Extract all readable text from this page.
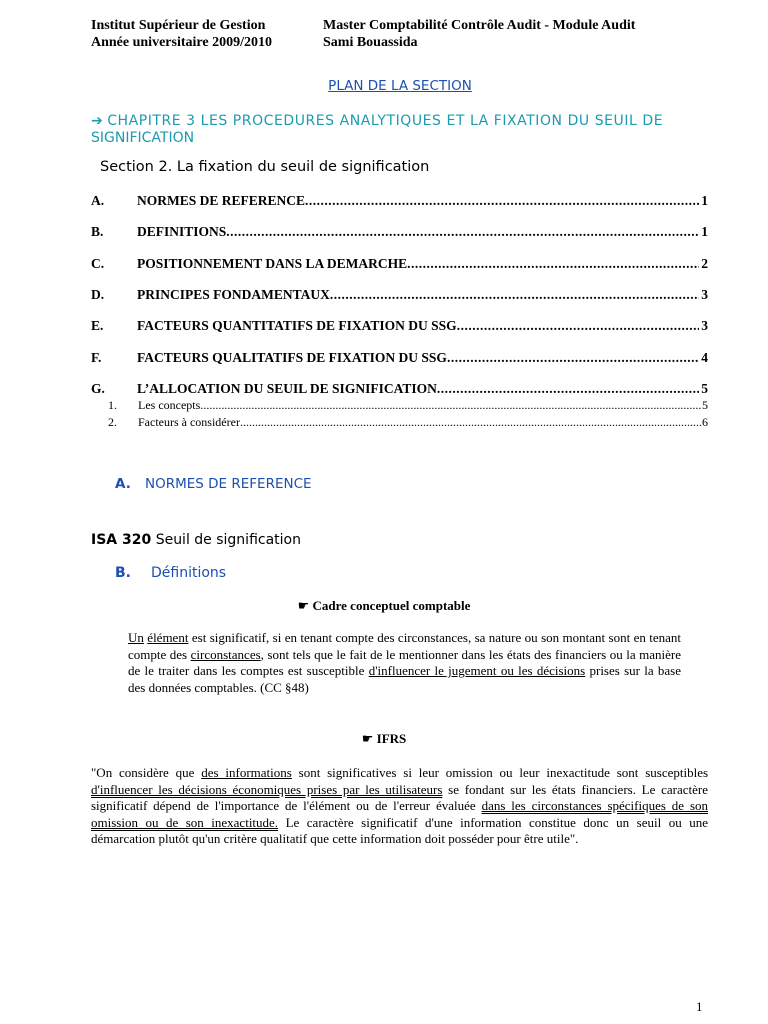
Institut Supérieur de Gestion
Année universitaire 2009/2010
Master Comptabilité Contrôle Audit - Module Audit
Sami Bouassida
PLAN DE LA SECTION
➔ CHAPITRE 3 LES PROCEDURES ANALYTIQUES ET LA FIXATION DU SEUIL DE
SIGNIFICATION
Section 2. La fixation du seuil de signification
A.	NORMES DE REFERENCE .....	1
B.	DEFINITIONS .....	1
C.	POSITIONNEMENT DANS LA DEMARCHE .....	2
D.	PRINCIPES FONDAMENTAUX .....	3
E.	FACTEURS QUANTITATIFS DE FIXATION DU SSG .....	3
F.	FACTEURS QUALITATIFS DE FIXATION DU SSG .....	4
G.	L’ALLOCATION DU SEUIL DE SIGNIFICATION .....	5
1.	Les concepts .....	5
2.	Facteurs à considérer .....	6
A. NORMES DE REFERENCE
ISA 320 Seuil de signification
B. Définitions
☛ Cadre conceptuel comptable
Un élément est significatif, si en tenant compte des circonstances, sa nature ou son montant sont en tenant compte des circonstances, sont tels que le fait de le mentionner dans les états des financiers ou la manière de le traiter dans les comptes est susceptible d'influencer le jugement ou les décisions prises sur la base des données comptables. (CC §48)
☛ IFRS
"On considère que des informations sont significatives si leur omission ou leur inexactitude sont susceptibles d'influencer les décisions économiques prises par les utilisateurs se fondant sur les états financiers. Le caractère significatif dépend de l'importance de l'élément ou de l'erreur évaluée dans les circonstances spécifiques de son omission ou de son inexactitude. Le caractère significatif d'une information constitue donc un seuil ou une démarcation plutôt qu'un critère qualitatif que cette information doit posséder pour être utile".
1
